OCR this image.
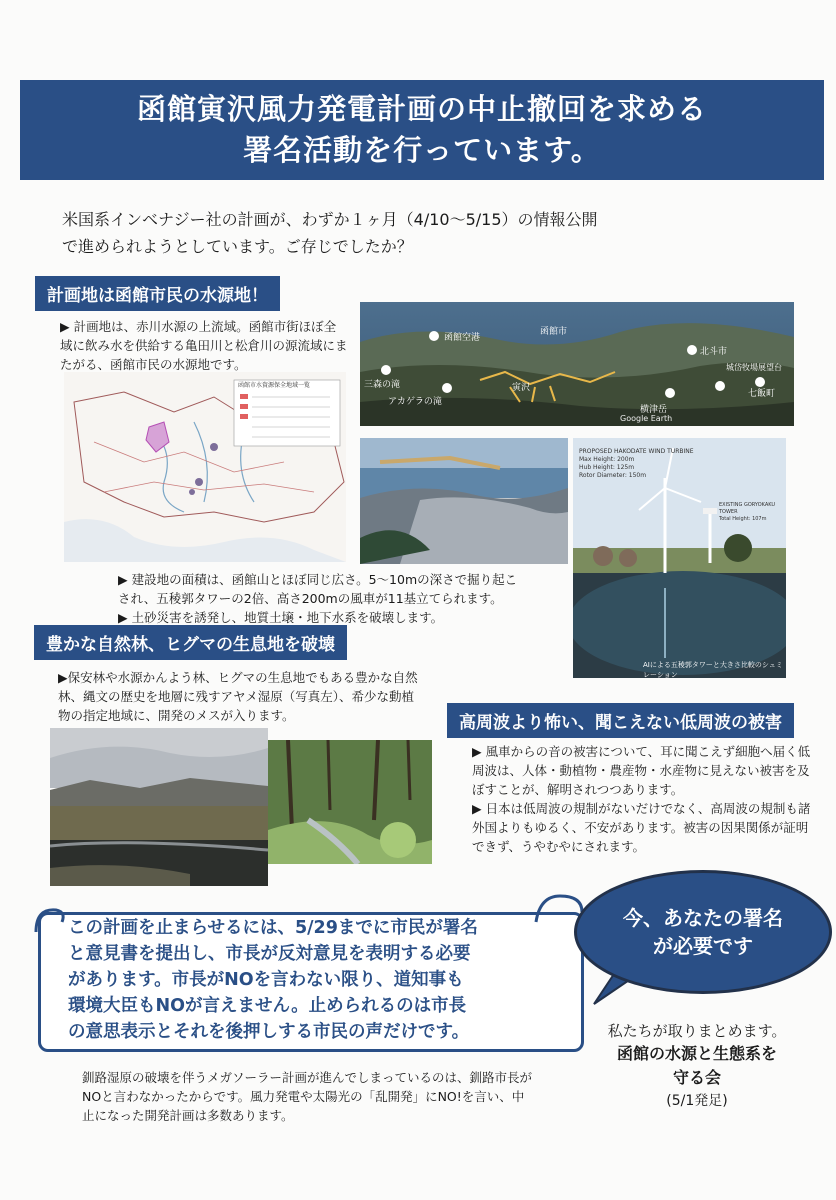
函館寅沢風力発電計画の中止撤回を求める
署名活動を行っています。
米国系インベナジー社の計画が、わずか１ヶ月（4/10〜5/15）の情報公開
で進められようとしています。ご存じでしたか？
計画地は函館市民の水源地！
▶ 計画地は、赤川水源の上流域。函館市街ほぼ全域に飲み水を供給する亀田川と松倉川の源流域にまたがる、函館市民の水源地です。
函館市水資源保全地域一覧
函館空港
函館市
北斗市
三森の滝
アカゲラの滝
寅沢
横津岳
城岱牧場展望台
七飯町
Google Earth
PROPOSED HAKODATE WIND TURBINE
Max Height: 200m
Hub Height: 125m
Rotor Diameter: 150m
EXISTING GORYOKAKU TOWER
Total Height: 107m
AIによる五稜郭タワーと大きさ比較のシュミレーション
▶ 建設地の面積は、函館山とほぼ同じ広さ。5〜10mの深さで掘り起こ
され、五稜郭タワーの2倍、高さ200mの風車が11基立てられます。
▶ 土砂災害を誘発し、地質土壌・地下水系を破壊します。
豊かな自然林、ヒグマの生息地を破壊
▶保安林や水源かんよう林、ヒグマの生息地でもある豊かな自然林、縄文の歴史を地層に残すアヤメ湿原（写真左）、希少な動植物の指定地域に、開発のメスが入ります。	高周波より怖い、聞こえない低周波の被害
▶ 風車からの音の被害について、耳に聞こえず細胞へ届く低周波は、人体・動植物・農産物・水産物に見えない被害を及ぼすことが、解明されつつあります。
▶ 日本は低周波の規制がないだけでなく、高周波の規制も諸外国よりもゆるく、不安があります。被害の因果関係が証明できず、うやむやにされます。
この計画を止まらせるには、5/29までに市民が署名
と意見書を提出し、市長が反対意見を表明する必要
があります。市長がNOを言わない限り、道知事も
環境大臣もNOが言えません。止められるのは市長
の意思表示とそれを後押しする市民の声だけです。
今、あなたの署名
が必要です
釧路湿原の破壊を伴うメガソーラー計画が進んでしまっているのは、釧路市長がNOと言わなかったからです。風力発電や太陽光の「乱開発」にNO!を言い、中止になった開発計画は多数あります。
私たちが取りまとめます。
函館の水源と生態系を
守る会
(5/1発足)
